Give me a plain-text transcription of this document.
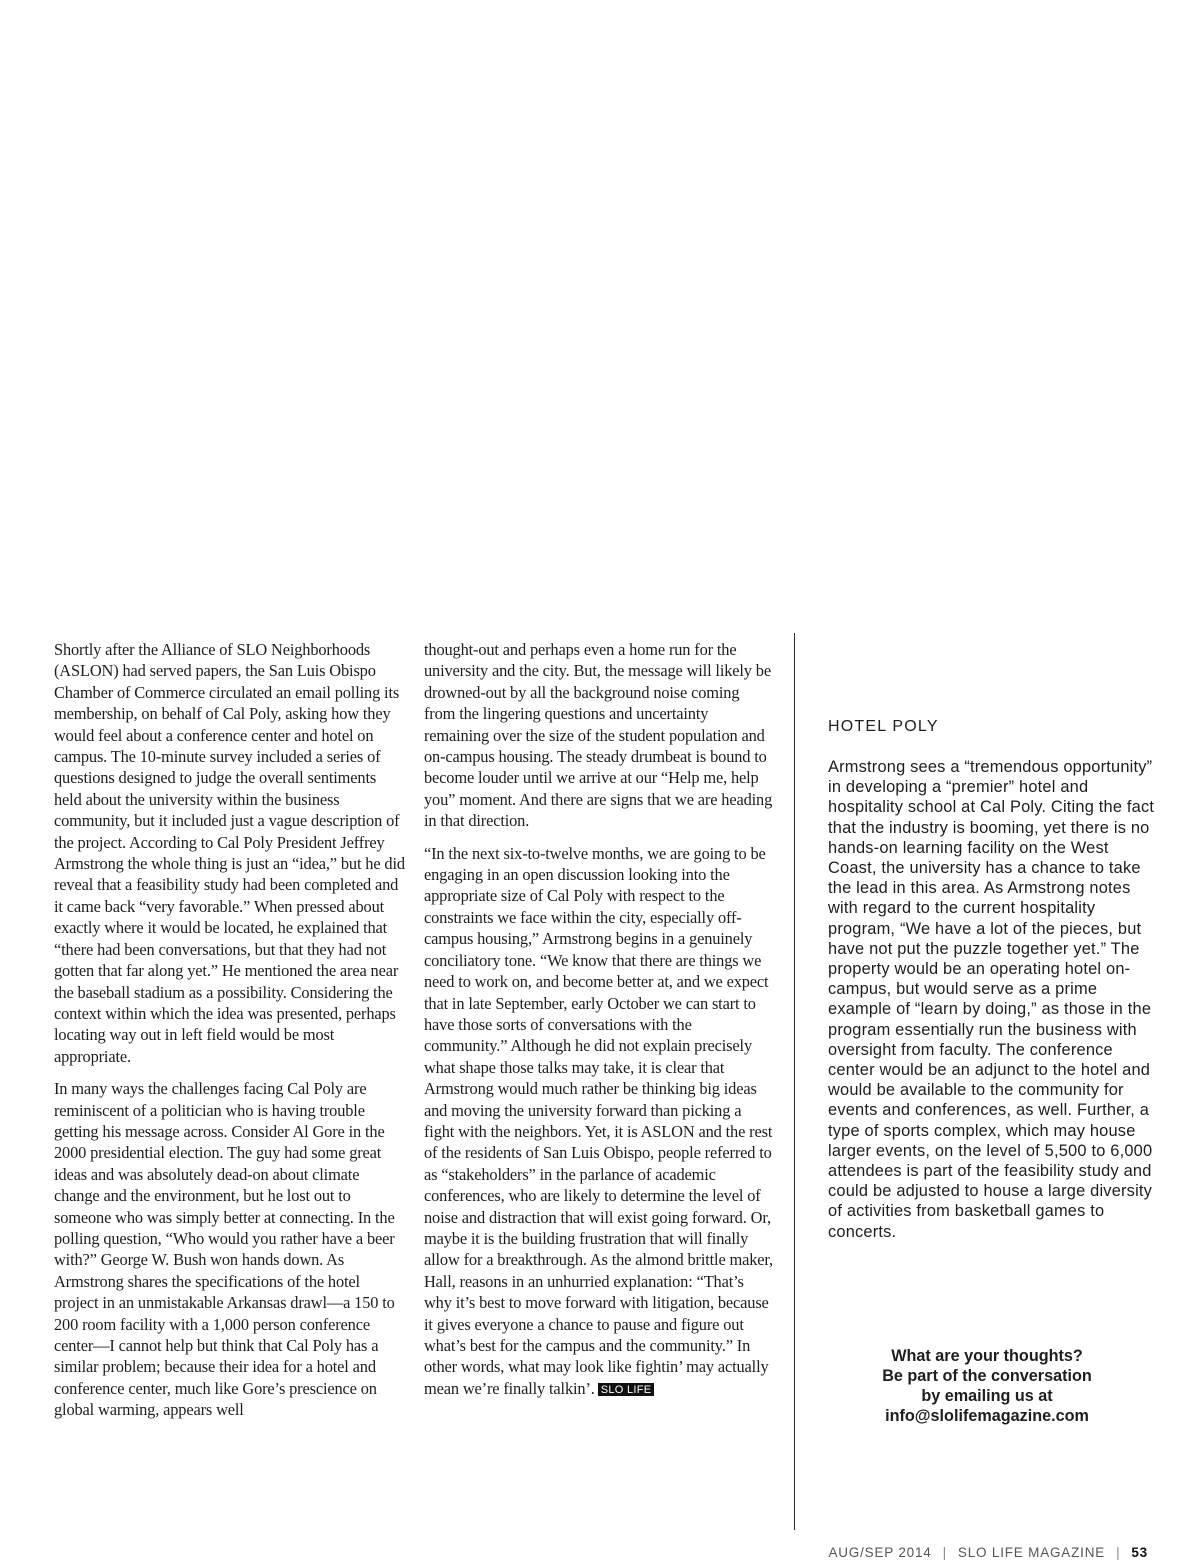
Shortly after the Alliance of SLO Neighborhoods (ASLON) had served papers, the San Luis Obispo Chamber of Commerce circulated an email polling its membership, on behalf of Cal Poly, asking how they would feel about a conference center and hotel on campus. The 10-minute survey included a series of questions designed to judge the overall sentiments held about the university within the business community, but it included just a vague description of the project. According to Cal Poly President Jeffrey Armstrong the whole thing is just an “idea,” but he did reveal that a feasibility study had been completed and it came back “very favorable.” When pressed about exactly where it would be located, he explained that “there had been conversations, but that they had not gotten that far along yet.” He mentioned the area near the baseball stadium as a possibility. Considering the context within which the idea was presented, perhaps locating way out in left field would be most appropriate.

In many ways the challenges facing Cal Poly are reminiscent of a politician who is having trouble getting his message across. Consider Al Gore in the 2000 presidential election. The guy had some great ideas and was absolutely dead-on about climate change and the environment, but he lost out to someone who was simply better at connecting. In the polling question, “Who would you rather have a beer with?” George W. Bush won hands down. As Armstrong shares the specifications of the hotel project in an unmistakable Arkansas drawl—a 150 to 200 room facility with a 1,000 person conference center—I cannot help but think that Cal Poly has a similar problem; because their idea for a hotel and conference center, much like Gore’s prescience on global warming, appears well

thought-out and perhaps even a home run for the university and the city. But, the message will likely be drowned-out by all the background noise coming from the lingering questions and uncertainty remaining over the size of the student population and on-campus housing. The steady drumbeat is bound to become louder until we arrive at our “Help me, help you” moment. And there are signs that we are heading in that direction.

“In the next six-to-twelve months, we are going to be engaging in an open discussion looking into the appropriate size of Cal Poly with respect to the constraints we face within the city, especially off-campus housing,” Armstrong begins in a genuinely conciliatory tone. “We know that there are things we need to work on, and become better at, and we expect that in late September, early October we can start to have those sorts of conversations with the community.” Although he did not explain precisely what shape those talks may take, it is clear that Armstrong would much rather be thinking big ideas and moving the university forward than picking a fight with the neighbors. Yet, it is ASLON and the rest of the residents of San Luis Obispo, people referred to as “stakeholders” in the parlance of academic conferences, who are likely to determine the level of noise and distraction that will exist going forward. Or, maybe it is the building frustration that will finally allow for a breakthrough. As the almond brittle maker, Hall, reasons in an unhurried explanation: “That’s why it’s best to move forward with litigation, because it gives everyone a chance to pause and figure out what’s best for the campus and the community.” In other words, what may look like fightin’ may actually mean we’re finally talkin’. SLO LIFE

HOTEL POLY
Armstrong sees a “tremendous opportunity” in developing a “premier” hotel and hospitality school at Cal Poly. Citing the fact that the industry is booming, yet there is no hands-on learning facility on the West Coast, the university has a chance to take the lead in this area. As Armstrong notes with regard to the current hospitality program, “We have a lot of the pieces, but have not put the puzzle together yet.” The property would be an operating hotel on-campus, but would serve as a prime example of “learn by doing,” as those in the program essentially run the business with oversight from faculty. The conference center would be an adjunct to the hotel and would be available to the community for events and conferences, as well. Further, a type of sports complex, which may house larger events, on the level of 5,500 to 6,000 attendees is part of the feasibility study and could be adjusted to house a large diversity of activities from basketball games to concerts.
What are your thoughts?
Be part of the conversation
by emailing us at
info@slolifemagazine.com
AUG/SEP 2014 | SLO LIFE MAGAZINE | 53
